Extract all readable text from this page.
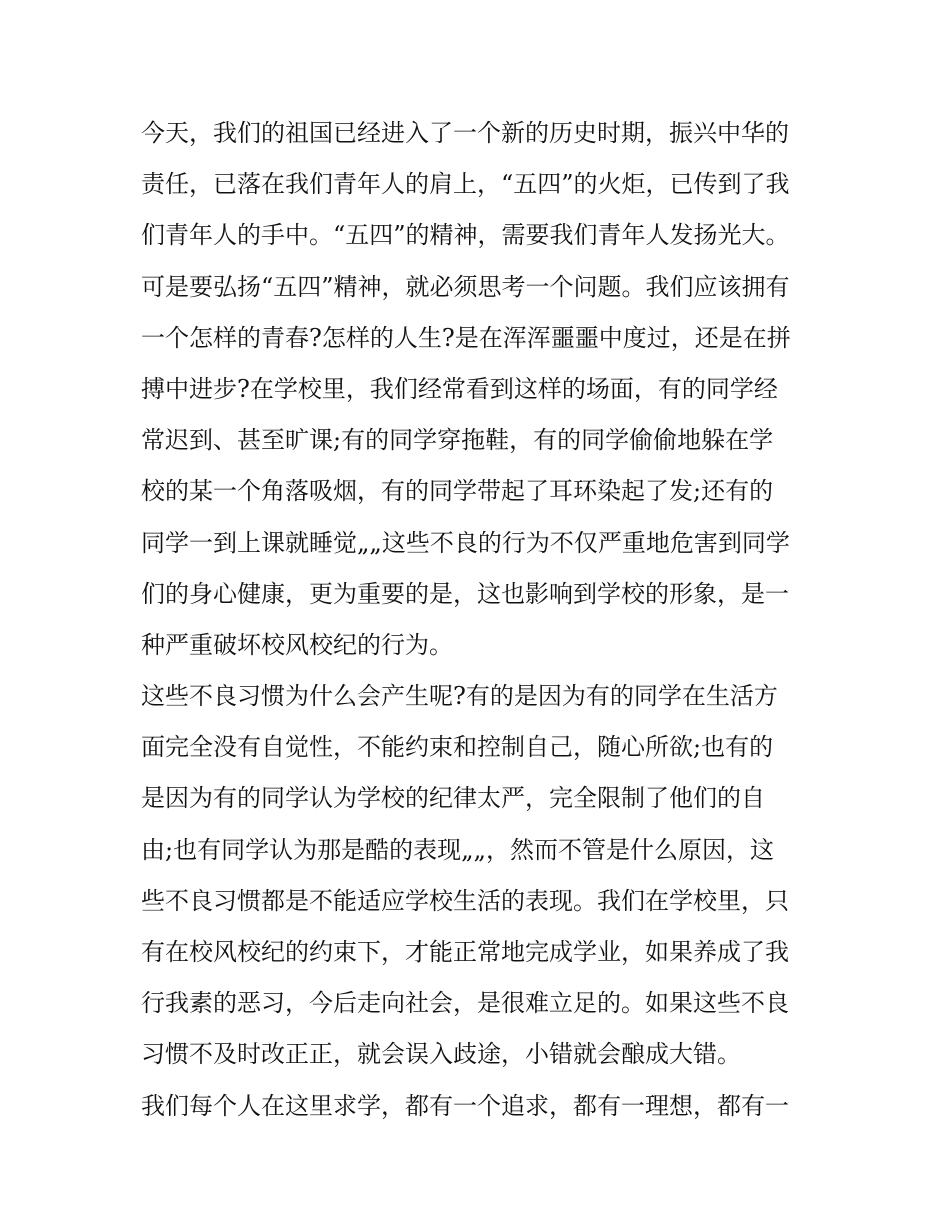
今天，我们的祖国已经进入了一个新的历史时期，振兴中华的
责任，已落在我们青年人的肩上，“五四”的火炬，已传到了我
们青年人的手中。“五四”的精神，需要我们青年人发扬光大。
可是要弘扬“五四”精神，就必须思考一个问题。我们应该拥有
一个怎样的青春?怎样的人生?是在浑浑噩噩中度过，还是在拼
搏中进步?在学校里，我们经常看到这样的场面，有的同学经
常迟到、甚至旷课;有的同学穿拖鞋，有的同学偷偷地躲在学
校的某一个角落吸烟，有的同学带起了耳环染起了发;还有的
同学一到上课就睡觉„„这些不良的行为不仅严重地危害到同学
们的身心健康，更为重要的是，这也影响到学校的形象，是一
种严重破坏校风校纪的行为。
这些不良习惯为什么会产生呢?有的是因为有的同学在生活方
面完全没有自觉性，不能约束和控制自己，随心所欲;也有的
是因为有的同学认为学校的纪律太严，完全限制了他们的自
由;也有同学认为那是酷的表现„„，然而不管是什么原因，这
些不良习惯都是不能适应学校生活的表现。我们在学校里，只
有在校风校纪的约束下，才能正常地完成学业，如果养成了我
行我素的恶习，今后走向社会，是很难立足的。如果这些不良
习惯不及时改正正，就会误入歧途，小错就会酿成大错。
我们每个人在这里求学，都有一个追求，都有一理想，都有一
